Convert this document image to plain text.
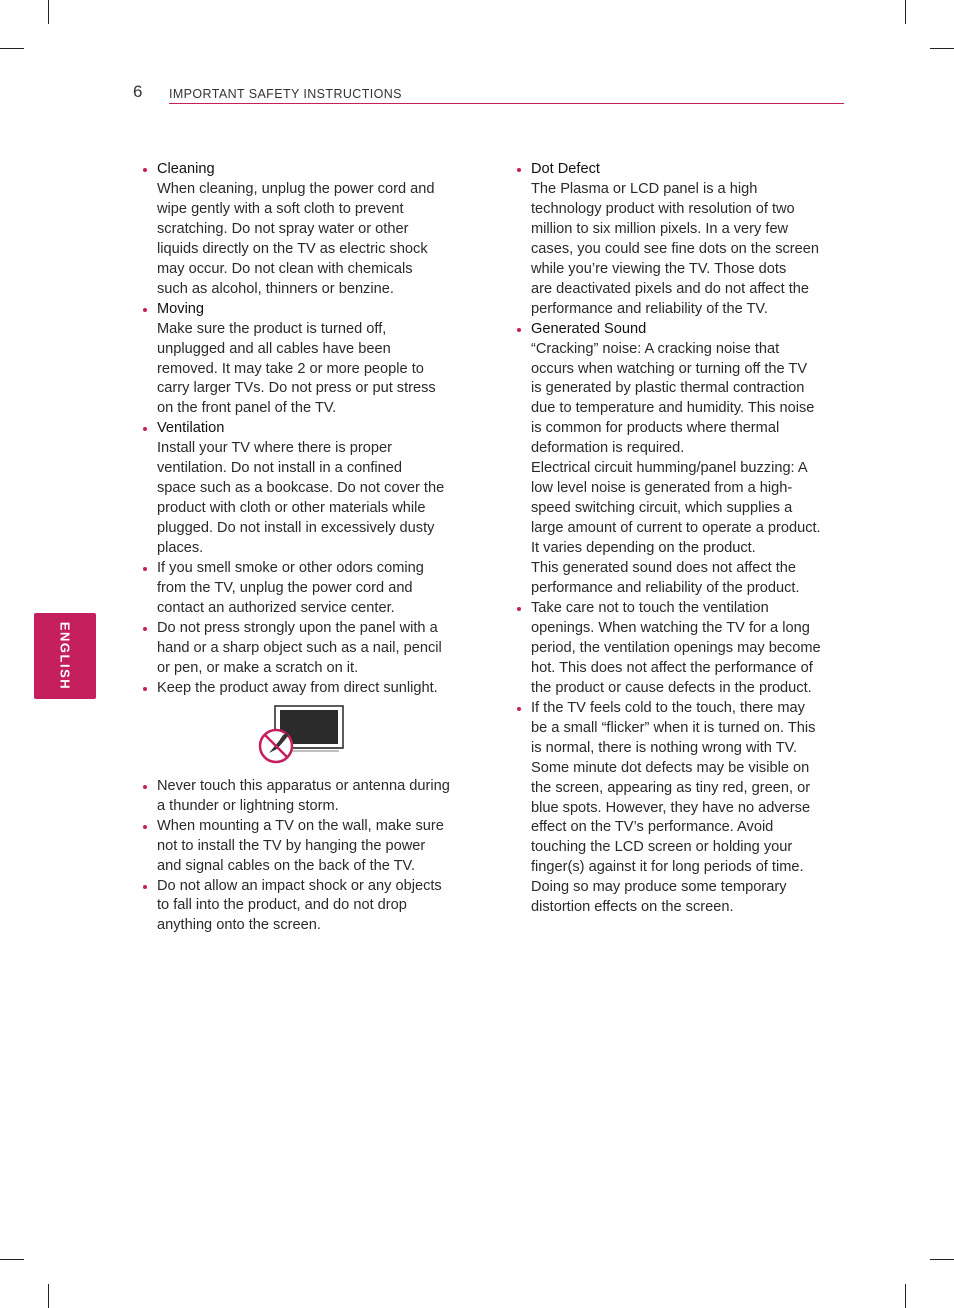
6 IMPORTANT SAFETY INSTRUCTIONS
ENGLISH
Cleaning
When cleaning, unplug the power cord and
wipe gently with a soft cloth to prevent
scratching. Do not spray water or other
liquids directly on the TV as electric shock
may occur. Do not clean with chemicals
such as alcohol, thinners or benzine.
Moving
Make sure the product is turned off,
unplugged and all cables have been
removed. It may take 2 or more people to
carry larger TVs. Do not press or put stress
on the front panel of the TV.
Ventilation
Install your TV where there is proper
ventilation. Do not install in a confined
space such as a bookcase. Do not cover the
product with cloth or other materials while
plugged. Do not install in excessively dusty
places.
If you smell smoke or other odors coming
from the TV, unplug the power cord and
contact an authorized service center.
Do not press strongly upon the panel with a
hand or a sharp object such as a nail, pencil
or pen, or make a scratch on it.
Keep the product away from direct sunlight.
Never touch this apparatus or antenna during
a thunder or lightning storm.
When mounting a TV on the wall, make sure
not to install the TV by hanging the power
and signal cables on the back of the TV.
Do not allow an impact shock or any objects
to fall into the product, and do not drop
anything onto the screen.
Dot Defect
The Plasma or LCD panel is a high
technology product with resolution of two
million to six million pixels. In a very few
cases, you could see fine dots on the screen
while you’re viewing the TV. Those dots
are deactivated pixels and do not affect the
performance and reliability of the TV.
Generated Sound
“Cracking” noise: A cracking noise that
occurs when watching or turning off the TV
is generated by plastic thermal contraction
due to temperature and humidity. This noise
is common for products where thermal
deformation is required.
Electrical circuit humming/panel buzzing: A
low level noise is generated from a high-
speed switching circuit, which supplies a
large amount of current to operate a product.
It varies depending on the product.
This generated sound does not affect the
performance and reliability of the product.
Take care not to touch the ventilation
openings. When watching the TV for a long
period, the ventilation openings may become
hot. This does not affect the performance of
the product or cause defects in the product.
If the TV feels cold to the touch, there may
be a small “flicker” when it is turned on. This
is normal, there is nothing wrong with TV.
Some minute dot defects may be visible on
the screen, appearing as tiny red, green, or
blue spots. However, they have no adverse
effect on the TV’s performance. Avoid
touching the LCD screen or holding your
finger(s) against it for long periods of time.
Doing so may produce some temporary
distortion effects on the screen.
